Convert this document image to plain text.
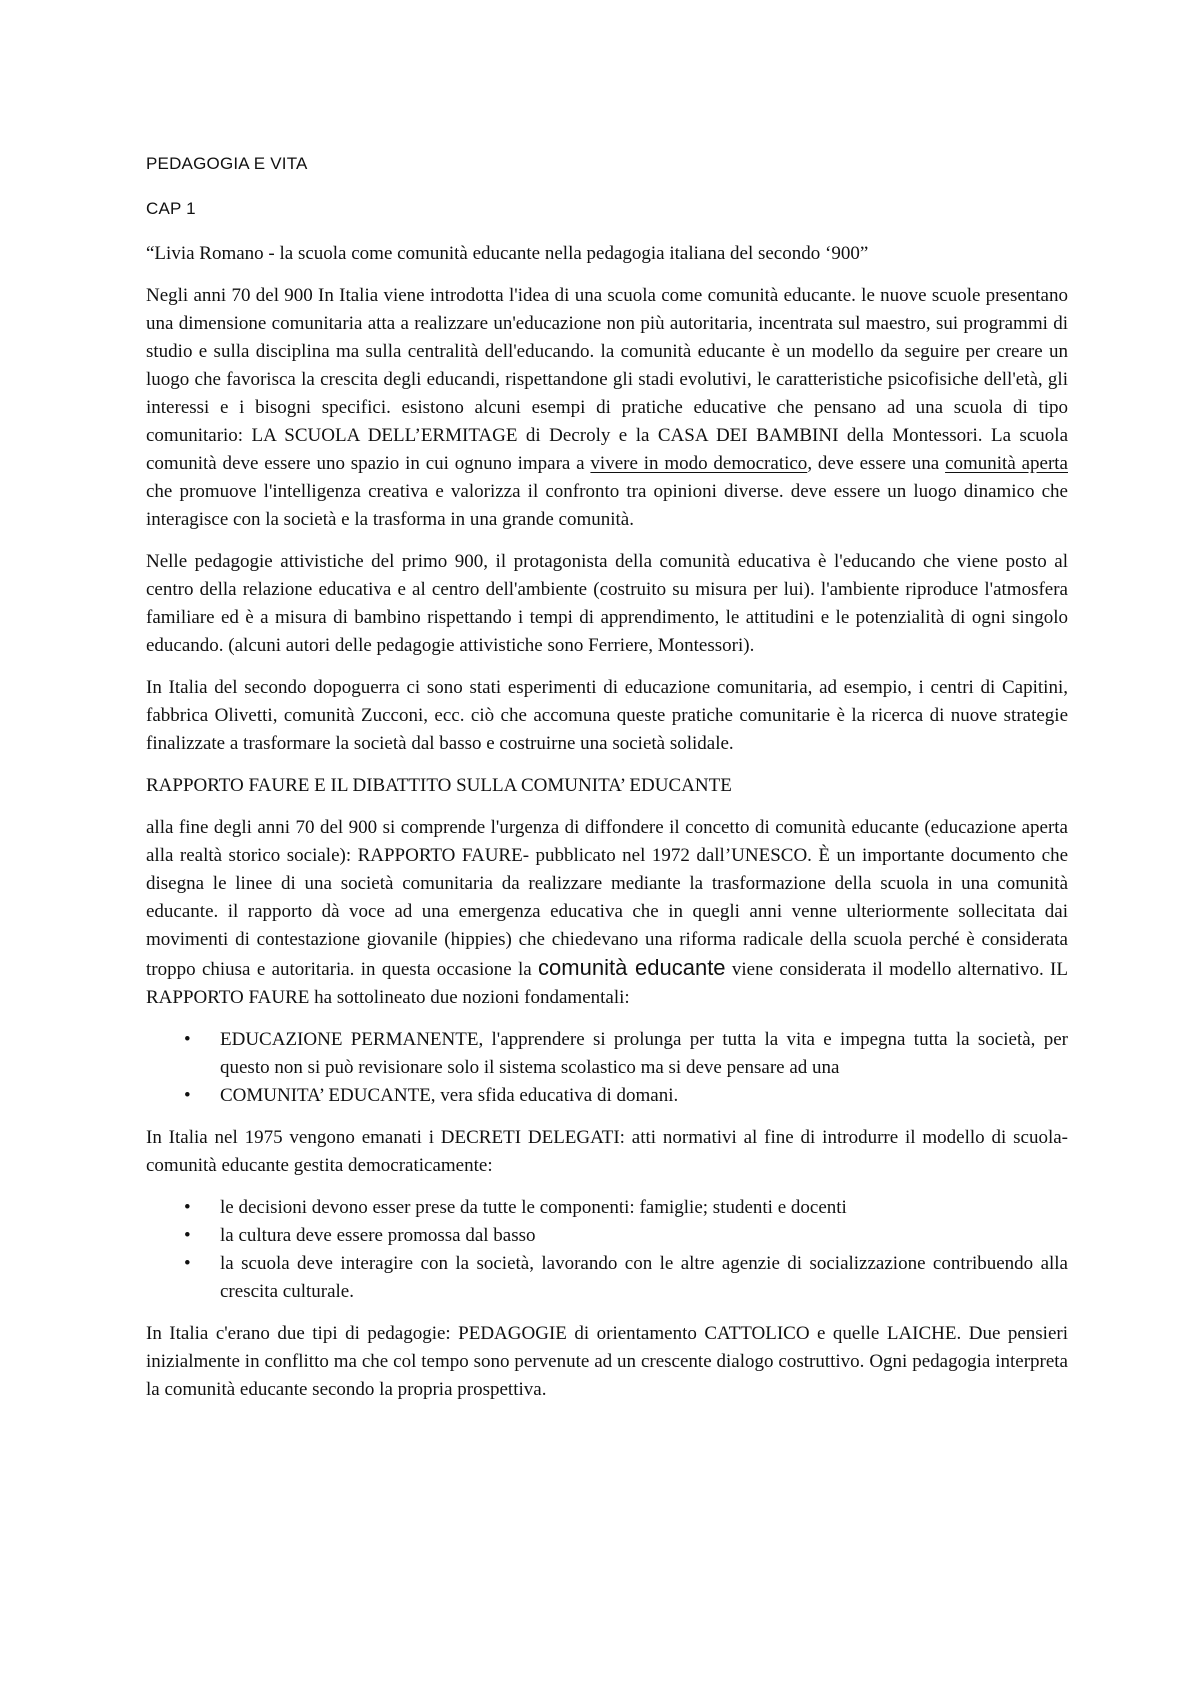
PEDAGOGIA E VITA
CAP 1
“Livia Romano - la scuola come comunità educante nella pedagogia italiana del secondo ‘900”

Negli anni 70 del 900 In Italia viene introdotta l'idea di una scuola come comunità educante. le nuove scuole presentano una dimensione comunitaria atta a realizzare un'educazione non più autoritaria, incentrata sul maestro, sui programmi di studio e sulla disciplina ma sulla centralità dell'educando. la comunità educante è un modello da seguire per creare un luogo che favorisca la crescita degli educandi, rispettandone gli stadi evolutivi, le caratteristiche psicofisiche dell'età, gli interessi e i bisogni specifici. esistono alcuni esempi di pratiche educative che pensano ad una scuola di tipo comunitario: LA SCUOLA DELL’ERMITAGE di Decroly e la CASA DEI BAMBINI della Montessori. La scuola comunità deve essere uno spazio in cui ognuno impara a vivere in modo democratico, deve essere una comunità aperta che promuove l'intelligenza creativa e valorizza il confronto tra opinioni diverse. deve essere un luogo dinamico che interagisce con la società e la trasforma in una grande comunità.

Nelle pedagogie attivistiche del primo 900, il protagonista della comunità educativa è l'educando che viene posto al centro della relazione educativa e al centro dell'ambiente (costruito su misura per lui). l'ambiente riproduce l'atmosfera familiare ed è a misura di bambino rispettando i tempi di apprendimento, le attitudini e le potenzialità di ogni singolo educando. (alcuni autori delle pedagogie attivistiche sono Ferriere, Montessori).

In Italia del secondo dopoguerra ci sono stati esperimenti di educazione comunitaria, ad esempio, i centri di Capitini, fabbrica Olivetti, comunità Zucconi, ecc. ciò che accomuna queste pratiche comunitarie è la ricerca di nuove strategie finalizzate a trasformare la società dal basso e costruirne una società solidale.

RAPPORTO FAURE E IL DIBATTITO SULLA COMUNITA’ EDUCANTE

alla fine degli anni 70 del 900 si comprende l'urgenza di diffondere il concetto di comunità educante (educazione aperta alla realtà storico sociale): RAPPORTO FAURE- pubblicato nel 1972 dall’UNESCO. È un importante documento che disegna le linee di una società comunitaria da realizzare mediante la trasformazione della scuola in una comunità educante. il rapporto dà voce ad una emergenza educativa che in quegli anni venne ulteriormente sollecitata dai movimenti di contestazione giovanile (hippies) che chiedevano una riforma radicale della scuola perché è considerata troppo chiusa e autoritaria. in questa occasione la comunità educante viene considerata il modello alternativo. IL RAPPORTO FAURE ha sottolineato due nozioni fondamentali:

• EDUCAZIONE PERMANENTE, l'apprendere si prolunga per tutta la vita e impegna tutta la società, per questo non si può revisionare solo il sistema scolastico ma si deve pensare ad una
• COMUNITA’ EDUCANTE, vera sfida educativa di domani.

In Italia nel 1975 vengono emanati i DECRETI DELEGATI: atti normativi al fine di introdurre il modello di scuola-comunità educante gestita democraticamente:

• le decisioni devono esser prese da tutte le componenti: famiglie; studenti e docenti
• la cultura deve essere promossa dal basso
• la scuola deve interagire con la società, lavorando con le altre agenzie di socializzazione contribuendo alla crescita culturale.

In Italia c'erano due tipi di pedagogie: PEDAGOGIE di orientamento CATTOLICO e quelle LAICHE. Due pensieri inizialmente in conflitto ma che col tempo sono pervenute ad un crescente dialogo costruttivo. Ogni pedagogia interpreta la comunità educante secondo la propria prospettiva.
